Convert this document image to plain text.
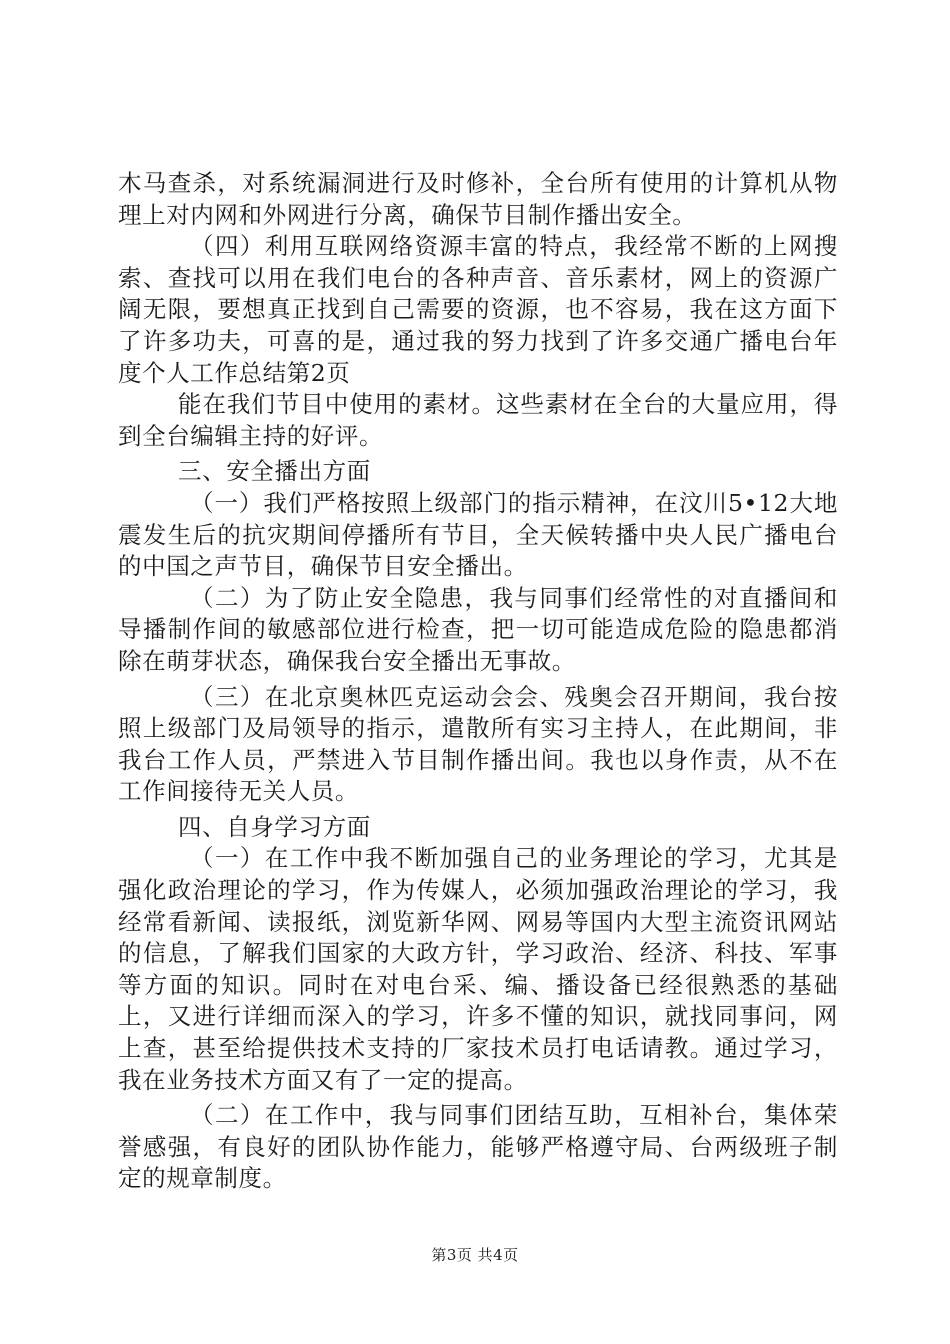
木马查杀，对系统漏洞进行及时修补，全台所有使用的计算机从物理上对内网和外网进行分离，确保节目制作播出安全。

（四）利用互联网络资源丰富的特点，我经常不断的上网搜索、查找可以用在我们电台的各种声音、音乐素材，网上的资源广阔无限，要想真正找到自己需要的资源，也不容易，我在这方面下了许多功夫，可喜的是，通过我的努力找到了许多交通广播电台年度个人工作总结第2页

能在我们节目中使用的素材。这些素材在全台的大量应用，得到全台编辑主持的好评。

三、安全播出方面

（一）我们严格按照上级部门的指示精神，在汶川5•12大地震发生后的抗灾期间停播所有节目，全天候转播中央人民广播电台的中国之声节目，确保节目安全播出。

（二）为了防止安全隐患，我与同事们经常性的对直播间和导播制作间的敏感部位进行检查，把一切可能造成危险的隐患都消除在萌芽状态，确保我台安全播出无事故。

（三）在北京奥林匹克运动会会、残奥会召开期间，我台按照上级部门及局领导的指示，遣散所有实习主持人，在此期间，非我台工作人员，严禁进入节目制作播出间。我也以身作责，从不在工作间接待无关人员。

四、自身学习方面

（一）在工作中我不断加强自己的业务理论的学习，尤其是强化政治理论的学习，作为传媒人，必须加强政治理论的学习，我经常看新闻、读报纸，浏览新华网、网易等国内大型主流资讯网站的信息，了解我们国家的大政方针，学习政治、经济、科技、军事等方面的知识。同时在对电台采、编、播设备已经很熟悉的基础上，又进行详细而深入的学习，许多不懂的知识，就找同事问，网上查，甚至给提供技术支持的厂家技术员打电话请教。通过学习，我在业务技术方面又有了一定的提高。

（二）在工作中，我与同事们团结互助，互相补台，集体荣誉感强，有良好的团队协作能力，能够严格遵守局、台两级班子制定的规章制度。

第3页 共4页
